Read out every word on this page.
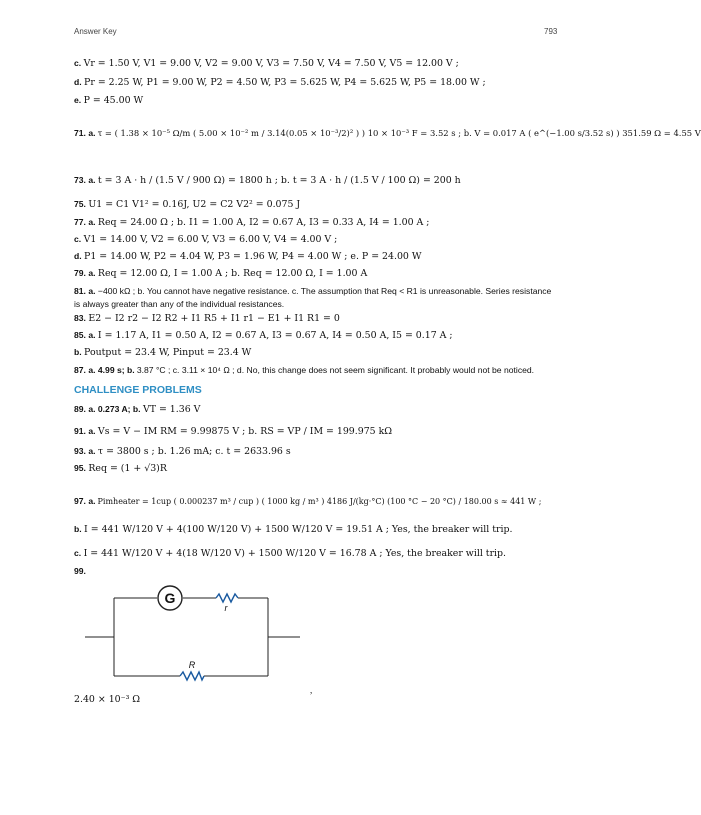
Answer Key	793
c. Vr = 1.50 V, V1 = 9.00 V, V2 = 9.00 V, V3 = 7.50 V, V4 = 7.50 V, V5 = 12.00 V ;
d. Pr = 2.25 W, P1 = 9.00 W, P2 = 4.50 W, P3 = 5.625 W, P4 = 5.625 W, P5 = 18.00 W ;
e. P = 45.00 W
71. a. τ = ( 1.38 × 10⁻⁵ Ω/m ( 5.00 × 10⁻² m / 3.14(0.05 × 10⁻³/2)² ) ) 10 × 10⁻³ F = 3.52 s ; b. V = 0.017 A ( e^(−1.00 s/3.52 s) ) 351.59 Ω = 4.55 V
73. a. t = 3 A · h / (1.5 V / 900 Ω) = 1800 h ; b. t = 3 A · h / (1.5 V / 100 Ω) = 200 h
75. U1 = C1 V1² = 0.16J, U2 = C2 V2² = 0.075 J
77. a. Req = 24.00 Ω ; b. I1 = 1.00 A, I2 = 0.67 A, I3 = 0.33 A, I4 = 1.00 A ;
c. V1 = 14.00 V, V2 = 6.00 V, V3 = 6.00 V, V4 = 4.00 V ;
d. P1 = 14.00 W, P2 = 4.04 W, P3 = 1.96 W, P4 = 4.00 W ; e. P = 24.00 W
79. a. Req = 12.00 Ω, I = 1.00 A ; b. Req = 12.00 Ω, I = 1.00 A
81. a. −400 kΩ ; b. You cannot have negative resistance. c. The assumption that Req < R1 is unreasonable. Series resistance is always greater than any of the individual resistances.
83. E2 − I2 r2 − I2 R2 + I1 R5 + I1 r1 − E1 + I1 R1 = 0
85. a. I = 1.17 A, I1 = 0.50 A, I2 = 0.67 A, I3 = 0.67 A, I4 = 0.50 A, I5 = 0.17 A ;
b. Poutput = 23.4 W, Pinput = 23.4 W
87. a. 4.99 s; b. 3.87 °C ; c. 3.11 × 10⁴ Ω ; d. No, this change does not seem significant. It probably would not be noticed.
CHALLENGE PROBLEMS
89. a. 0.273 A; b. VT = 1.36 V
91. a. Vs = V − IM RM = 9.99875 V ; b. RS = VP / IM = 199.975 kΩ
93. a. τ = 3800 s ; b. 1.26 mA; c. t = 2633.96 s
95. Req = (1 + √3)R
97. a. Pimheater = 1cup ( 0.000237 m³ / cup ) ( 1000 kg / m³ ) 4186 J/(kg·°C) (100 °C − 20 °C) / 180.00 s ≈ 441 W ;
b. I = 441 W/120 V + 4(100 W/120 V) + 1500 W/120 V = 19.51 A ; Yes, the breaker will trip.
c. I = 441 W/120 V + 4(18 W/120 V) + 1500 W/120 V = 16.78 A ; Yes, the breaker will trip.
99.
G
r
R
,
2.40 × 10⁻³ Ω
